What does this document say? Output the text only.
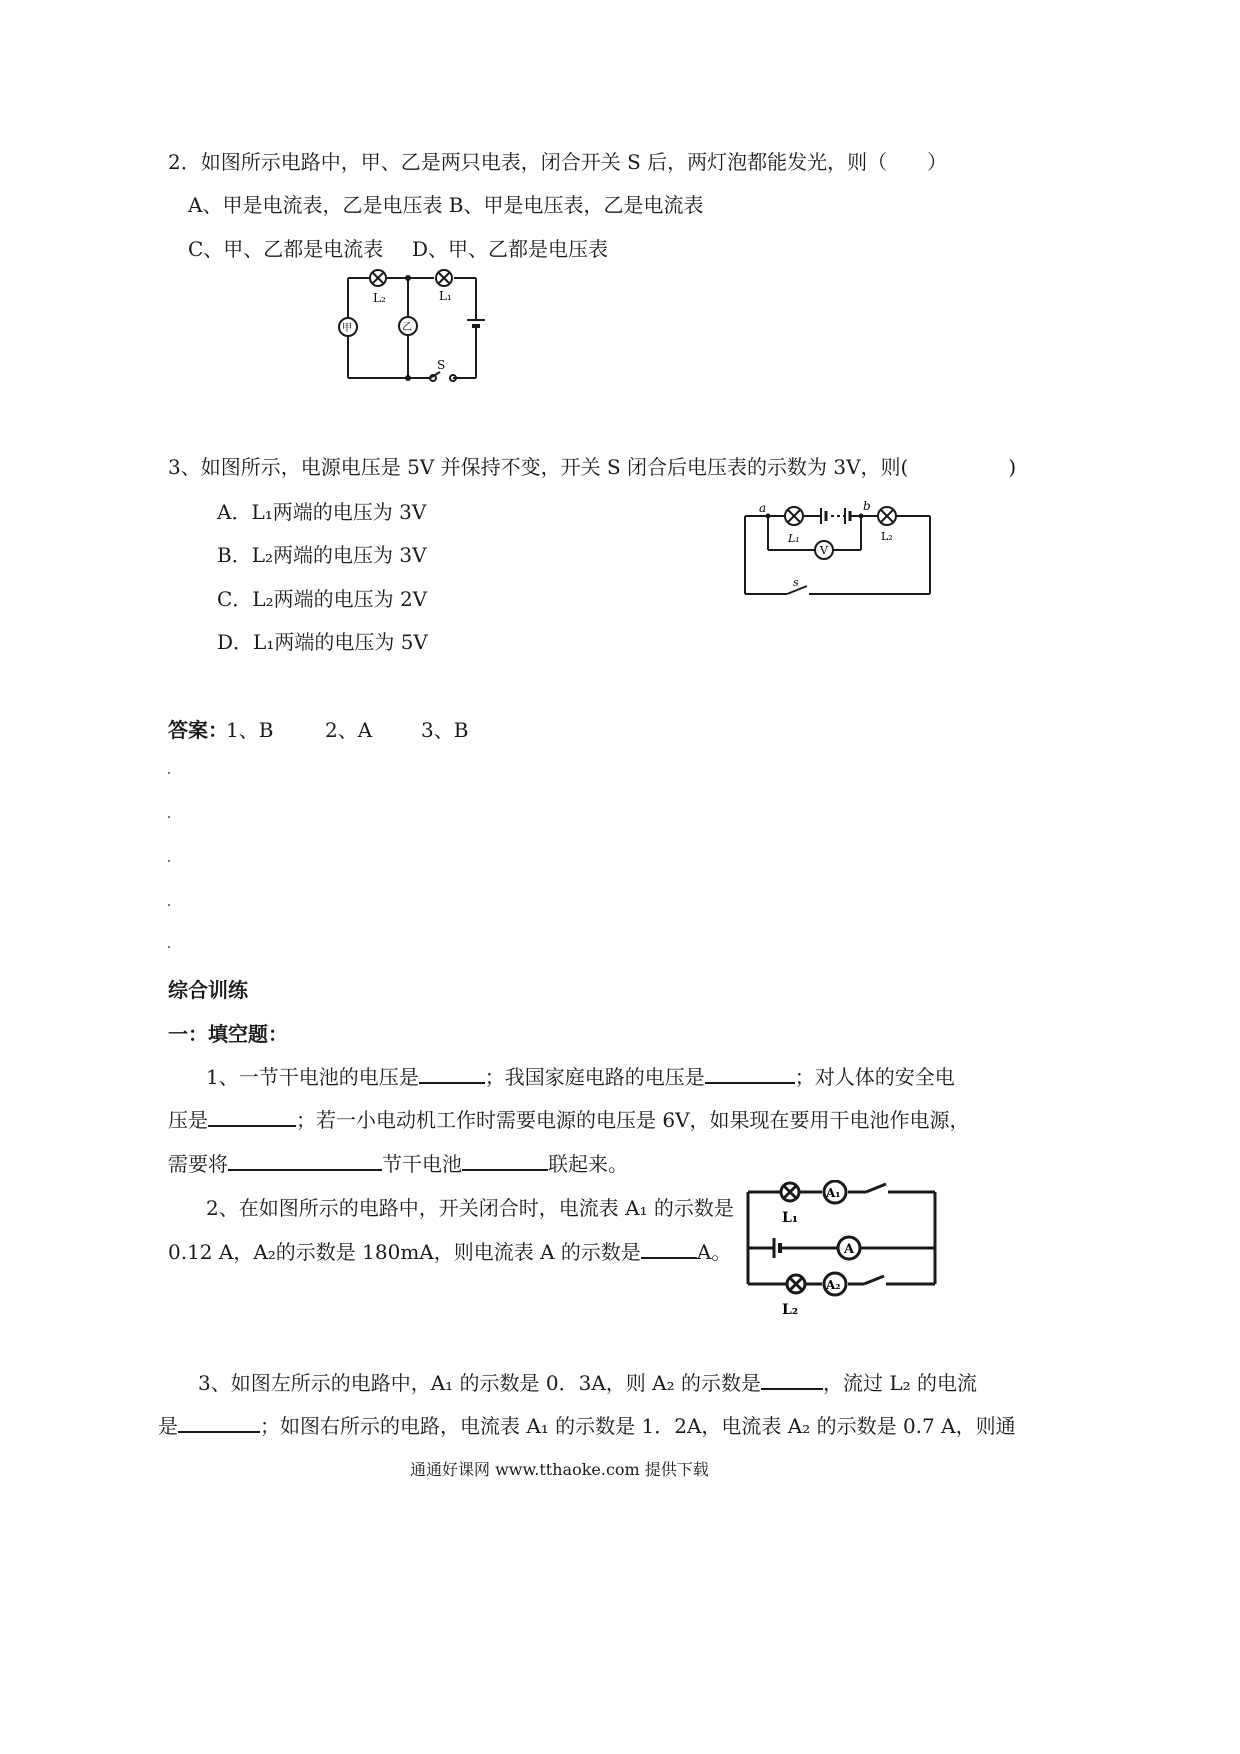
2．如图所示电路中，甲、乙是两只电表，闭合开关 S 后，两灯泡都能发光，则（　　）
A、甲是电流表，乙是电压表 B、甲是电压表，乙是电流表
C、甲、乙都是电流表 D、甲、乙都是电压表
L₂	L₁
甲	乙
S
3、如图所示，电源电压是 5V 并保持不变，开关 S 闭合后电压表的示数为 3V，则(　　　　　)
A．L₁两端的电压为 3V
B．L₂两端的电压为 3V
C．L₂两端的电压为 2V
D．L₁两端的电压为 5V
a	b
L₁	L₂
V
s
答案：
1、B	2、A 3、B
综合训练
一：填空题：
1、一节干电池的电压是	；我国家庭电路的电压是	；对人体的安全电
压是	；若一小电动机工作时需要电源的电压是 6V，如果现在要用干电池作电源，
需要将	节干电池	联起来。
2、在如图所示的电路中，开关闭合时，电流表 A₁ 的示数是
0.12 A，A₂的示数是 180mA，则电流表 A 的示数是	A。
L₁
A₁
A
A₂
L₂
3、如图左所示的电路中，A₁ 的示数是 0．3A，则 A₂ 的示数是	，流过 L₂ 的电流
是	；如图右所示的电路，电流表 A₁ 的示数是 1．2A，电流表 A₂ 的示数是 0.7 A，则通
通通好课网 www.tthaoke.com 提供下载
